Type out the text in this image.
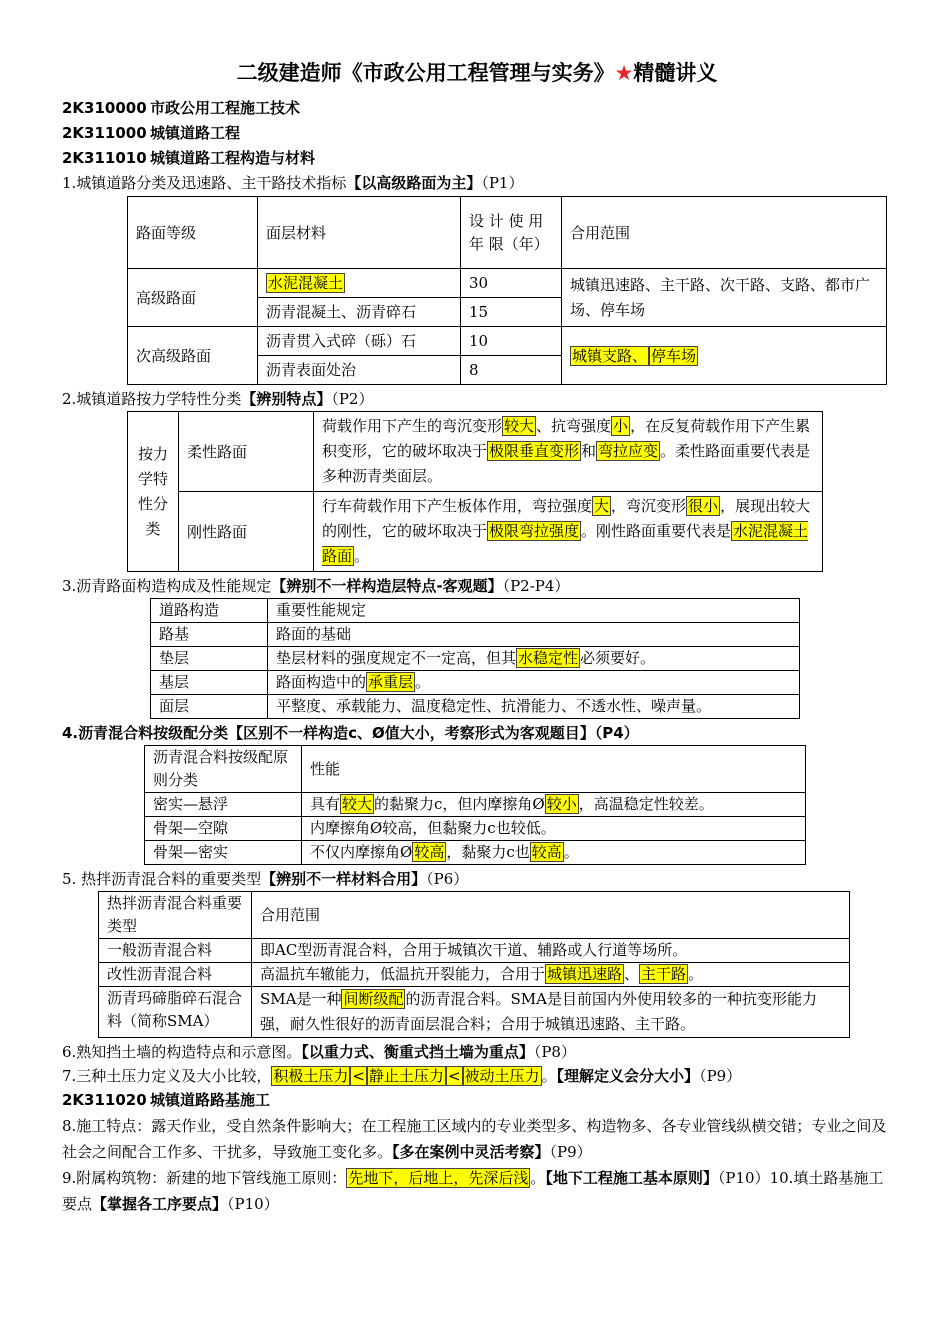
二级建造师《市政公用工程管理与实务》★精髓讲义

2K310000 市政公用工程施工技术

2K311000 城镇道路工程

2K311010 城镇道路工程构造与材料

1.城镇道路分类及迅速路、主干路技术指标【以高级路面为主】（P1）

路面等级	面层材料	设 计 使 用 年 限（年）	合用范围
高级路面	水泥混凝土	30	城镇迅速路、主干路、次干路、支路、都市广场、停车场
	沥青混凝土、沥青碎石	15	
次高级路面	沥青贯入式碎（砾）石	10	城镇支路、 停车场
	沥青表面处治	8	

2.城镇道路按力学特性分类【辨别特点】（P2）

按力学特性分类	柔性路面	荷载作用下产生的弯沉变形 较大 、抗弯强度 小 ，在反复荷载作用下产生累积变形，它的破坏取决于 极限垂直变形 和 弯拉应变 。柔性路面重要代表是多种沥青类面层。
	刚性路面	行车荷载作用下产生板体作用，弯拉强度 大 ，弯沉变形 很小 ，展现出较大的刚性，它的破坏取决于 极限弯拉强度 。刚性路面重要代表是 水泥混凝土路面 。

3.沥青路面构造构成及性能规定【辨别不一样构造层特点-客观题】（P2-P4）

道路构造	重要性能规定
路基	路面的基础
垫层	垫层材料的强度规定不一定高，但其 水稳定性 必须要好。
基层	路面构造中的 承重层 。
面层	平整度、承载能力、温度稳定性、抗滑能力、不透水性、噪声量。

4.沥青混合料按级配分类【区别不一样构造c、Ø值大小，考察形式为客观题目】（P4）

沥青混合料按级配原则分类	性能
密实—悬浮	具有 较大 的黏聚力c，但内摩擦角Ø 较小 ，高温稳定性较差。
骨架—空隙	内摩擦角Ø较高，但黏聚力c也较低。
骨架—密实	不仅内摩擦角Ø 较高 ，黏聚力c也 较高 。

5. 热拌沥青混合料的重要类型【辨别不一样材料合用】（P6）

热拌沥青混合料重要类型	合用范围
一般沥青混合料	即AC型沥青混合料，合用于城镇次干道、辅路或人行道等场所。
改性沥青混合料	高温抗车辙能力，低温抗开裂能力，合用于 城镇迅速路 、 主干路 。
沥青玛碲脂碎石混合料（简称SMA）	SMA是一种 间断级配 的沥青混合料。SMA是目前国内外使用较多的一种抗变形能力强，耐久性很好的沥青面层混合料；合用于城镇迅速路、主干路。

6.熟知挡土墙的构造特点和示意图。【以重力式、衡重式挡土墙为重点】（P8）

7.三种土压力定义及大小比较， 积极土压力 < 静止土压力 < 被动土压力 。【理解定义会分大小】（P9）

2K311020 城镇道路路基施工

8.施工特点：露天作业，受自然条件影响大；在工程施工区域内的专业类型多、构造物多、各专业管线纵横交错；专业之间及社会之间配合工作多、干扰多，导致施工变化多。【多在案例中灵活考察】（P9）

9.附属构筑物：新建的地下管线施工原则： 先地下，后地上，先深后浅 。【地下工程施工基本原则】（P10）10.填土路基施工要点【掌握各工序要点】（P10）
